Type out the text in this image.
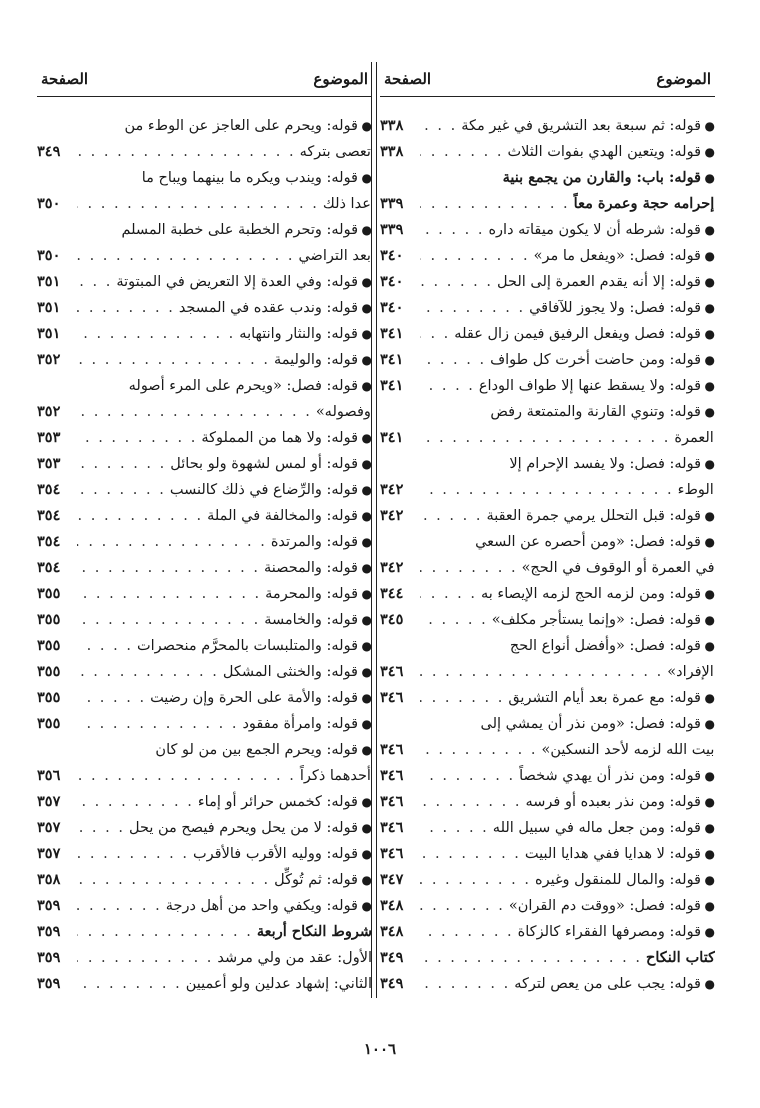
الموضوع
الصفحة
●
قوله: ثم سبعة بعد التشريق في غير مكة
. . .
٣٣٨
●
قوله: ويتعين الهدي بفوات الثلاث
. . .
٣٣٨
●
قوله: باب: والقارن من يجمع بنية
إحرامه حجة وعمرة معاً
. . .
٣٣٩
●
قوله: شرطه أن لا يكون ميقاته داره
. . .
٣٣٩
●
قوله: فصل: «ويفعل ما مر»
. . .
٣٤٠
●
قوله: إلا أنه يقدم العمرة إلى الحل
. . .
٣٤٠
●
قوله: فصل: ولا يجوز للآفاقي
. . .
٣٤٠
●
قوله: فصل ويفعل الرفيق فيمن زال عقله
. . .
٣٤١
●
قوله: ومن حاضت أخرت كل طواف
. . .
٣٤١
●
قوله: ولا يسقط عنها إلا طواف الوداع
. . .
٣٤١
●
قوله: وتنوي القارنة والمتمتعة رفض
العمرة
. . .
٣٤١
●
قوله: فصل: ولا يفسد الإحرام إلا
الوطء
. . .
٣٤٢
●
قوله: قبل التحلل يرمي جمرة العقبة
. . .
٣٤٢
●
قوله: فصل: «ومن أحصره عن السعي
في العمرة أو الوقوف في الحج»
. . .
٣٤٢
●
قوله: ومن لزمه الحج لزمه الإيصاء به
. . .
٣٤٤
●
قوله: فصل: «وإنما يستأجر مكلف»
. . .
٣٤٥
●
قوله: فصل: «وأفضل أنواع الحج
الإفراد»
. . .
٣٤٦
●
قوله: مع عمرة بعد أيام التشريق
. . .
٣٤٦
●
قوله: فصل: «ومن نذر أن يمشي إلى
بيت الله لزمه لأحد النسكين»
. . .
٣٤٦
●
قوله: ومن نذر أن يهدي شخصاً
. . .
٣٤٦
●
قوله: ومن نذر بعبده أو فرسه
. . .
٣٤٦
●
قوله: ومن جعل ماله في سبيل الله
. . .
٣٤٦
●
قوله: لا هدايا ففي هدايا البيت
. . .
٣٤٦
●
قوله: والمال للمنقول وغيره
. . .
٣٤٧
●
قوله: فصل: «ووقت دم القران»
. . .
٣٤٨
●
قوله: ومصرفها الفقراء كالزكاة
. . .
٣٤٨
كتاب النكاح
. . .
٣٤٩
●
قوله: يجب على من يعص لتركه
. . .
٣٤٩
الموضوع
الصفحة
●
قوله: ويحرم على العاجز عن الوطء من
تعصى بتركه
. . .
٣٤٩
●
قوله: ويندب ويكره ما بينهما ويباح ما
عدا ذلك
. . .
٣٥٠
●
قوله: وتحرم الخطبة على خطبة المسلم
بعد التراضي
. . .
٣٥٠
●
قوله: وفي العدة إلا التعريض في المبتوتة
. . .
٣٥١
●
قوله: وندب عقده في المسجد
. . .
٣٥١
●
قوله: والنثار وانتهابه
. . .
٣٥١
●
قوله: والوليمة
. . .
٣٥٢
●
قوله: فصل: «ويحرم على المرء أصوله
وفصوله»
. . .
٣٥٢
●
قوله: ولا هما من المملوكة
. . .
٣٥٣
●
قوله: أو لمس لشهوة ولو بحائل
. . .
٣٥٣
●
قوله: والرِّضاع في ذلك كالنسب
. . .
٣٥٤
●
قوله: والمخالفة في الملة
. . .
٣٥٤
●
قوله: والمرتدة
. . .
٣٥٤
●
قوله: والمحصنة
. . .
٣٥٤
●
قوله: والمحرمة
. . .
٣٥٥
●
قوله: والخامسة
. . .
٣٥٥
●
قوله: والمتلبسات بالمحرَّم منحصرات
. . .
٣٥٥
●
قوله: والخنثى المشكل
. . .
٣٥٥
●
قوله: والأمة على الحرة وإن رضيت
. . .
٣٥٥
●
قوله: وامرأة مفقود
. . .
٣٥٥
●
قوله: ويحرم الجمع بين من لو كان
أحدهما ذكراً
. . .
٣٥٦
●
قوله: كخمس حرائر أو إماء
. . .
٣٥٧
●
قوله: لا من يحل ويحرم فيصح من يحل
. . .
٣٥٧
●
قوله: ووليه الأقرب فالأقرب
. . .
٣٥٧
●
قوله: ثم تُوكِّل
. . .
٣٥٨
●
قوله: ويكفي واحد من أهل درجة
. . .
٣٥٩
شروط النكاح أربعة
. . .
٣٥٩
الأول: عقد من ولي مرشد
. . .
٣٥٩
الثاني: إشهاد عدلين ولو أعميين
. . .
٣٥٩
١٠٠٦
